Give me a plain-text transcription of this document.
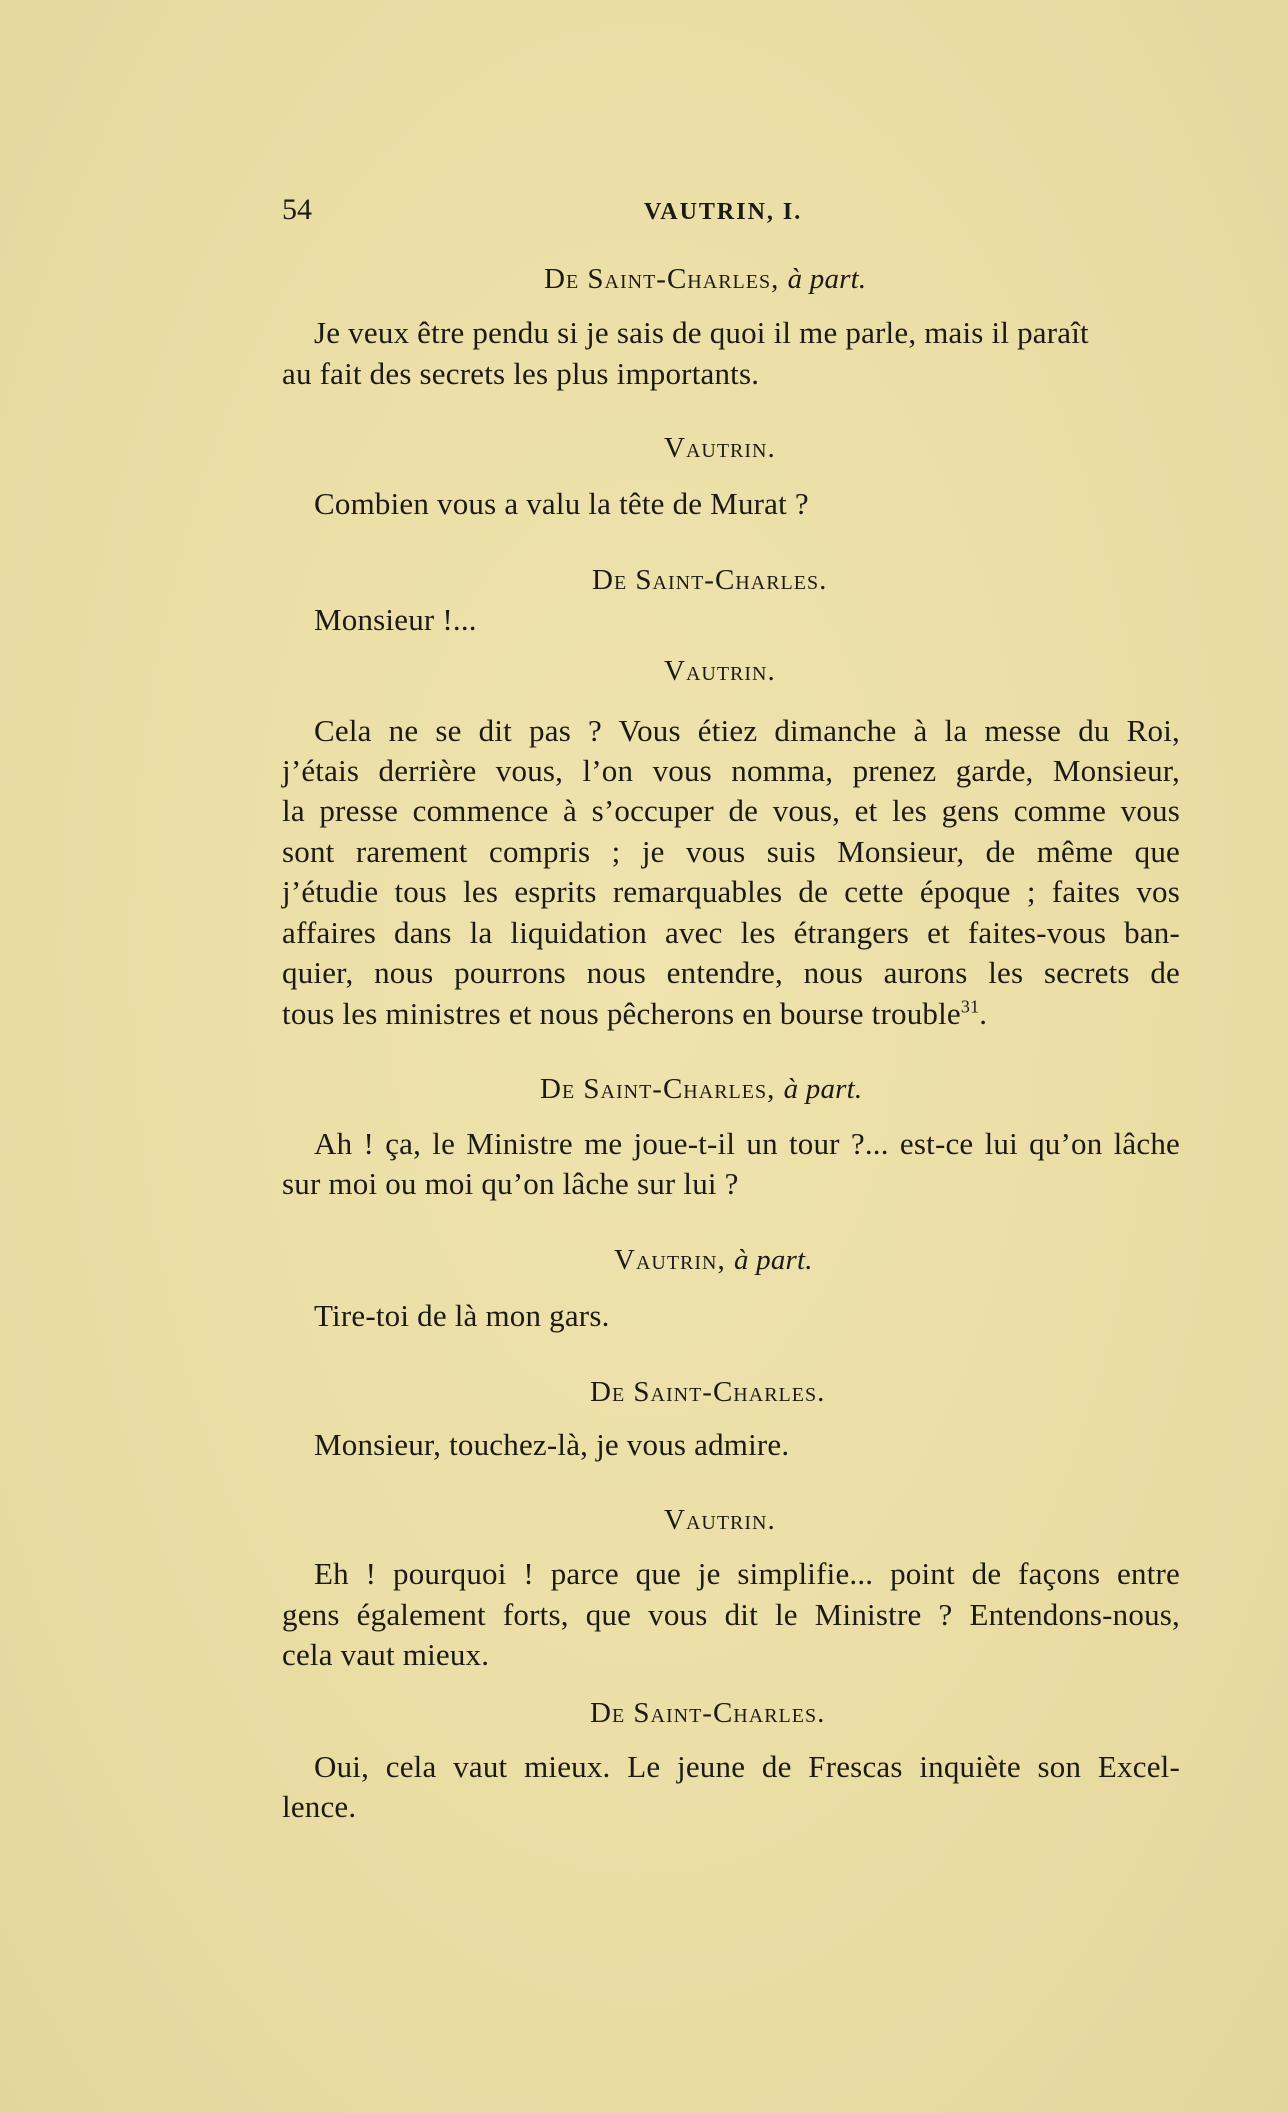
54	VAUTRIN, I.
De Saint-Charles, à part.
Je veux être pendu si je sais de quoi il me parle, mais il paraît
au fait des secrets les plus importants.
Vautrin.
Combien vous a valu la tête de Murat ?
De Saint-Charles.
Monsieur !...
Vautrin.
Cela ne se dit pas ? Vous étiez dimanche à la messe du Roi,
j’étais derrière vous, l’on vous nomma, prenez garde, Monsieur,
la presse commence à s’occuper de vous, et les gens comme vous
sont rarement compris ; je vous suis Monsieur, de même que
j’étudie tous les esprits remarquables de cette époque ; faites vos
affaires dans la liquidation avec les étrangers et faites-vous ban-
quier, nous pourrons nous entendre, nous aurons les secrets de
tous les ministres et nous pêcherons en bourse trouble$^{31}$.
De Saint-Charles, à part.
Ah ! ça, le Ministre me joue-t-il un tour ?... est-ce lui qu’on lâche
sur moi ou moi qu’on lâche sur lui ?
Vautrin, à part.
Tire-toi de là mon gars.
De Saint-Charles.
Monsieur, touchez-là, je vous admire.
Vautrin.
Eh ! pourquoi ! parce que je simplifie... point de façons entre
gens également forts, que vous dit le Ministre ? Entendons-nous,
cela vaut mieux.
De Saint-Charles.
Oui, cela vaut mieux. Le jeune de Frescas inquiète son Excel-
lence.
